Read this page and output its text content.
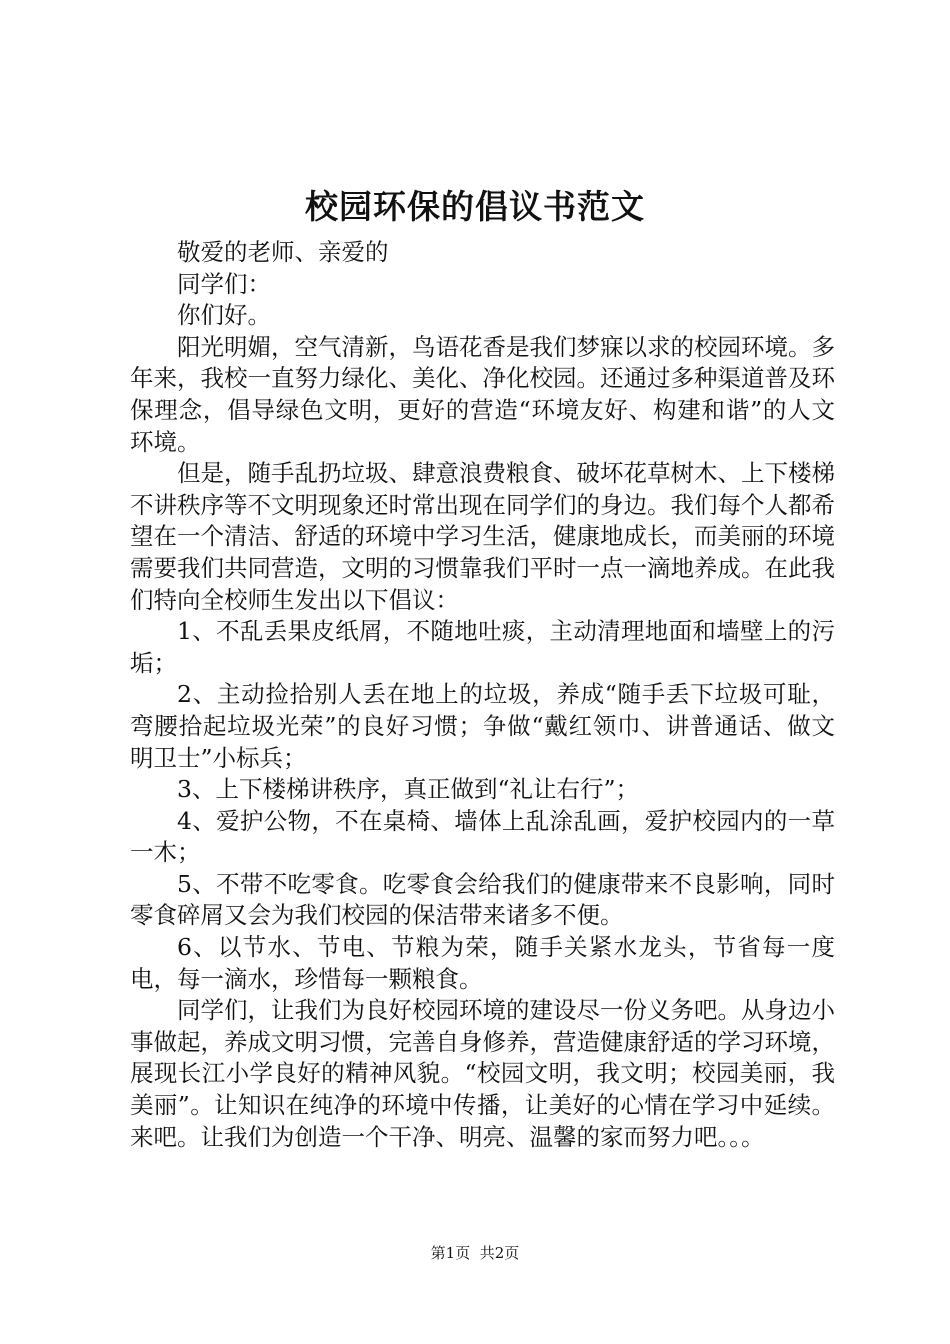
校园环保的倡议书范文

敬爱的老师、亲爱的

同学们：

你们好。

阳光明媚，空气清新，鸟语花香是我们梦寐以求的校园环境。多年来，我校一直努力绿化、美化、净化校园。还通过多种渠道普及环保理念，倡导绿色文明，更好的营造“环境友好、构建和谐”的人文环境。

但是，随手乱扔垃圾、肆意浪费粮食、破坏花草树木、上下楼梯不讲秩序等不文明现象还时常出现在同学们的身边。我们每个人都希望在一个清洁、舒适的环境中学习生活，健康地成长，而美丽的环境需要我们共同营造，文明的习惯靠我们平时一点一滴地养成。在此我们特向全校师生发出以下倡议：

1、不乱丢果皮纸屑，不随地吐痰，主动清理地面和墙壁上的污垢；

2、主动捡拾别人丢在地上的垃圾，养成“随手丢下垃圾可耻，弯腰拾起垃圾光荣”的良好习惯；争做“戴红领巾、讲普通话、做文明卫士”小标兵；

3、上下楼梯讲秩序，真正做到“礼让右行”；

4、爱护公物，不在桌椅、墙体上乱涂乱画，爱护校园内的一草一木；

5、不带不吃零食。吃零食会给我们的健康带来不良影响，同时零食碎屑又会为我们校园的保洁带来诸多不便。

6、以节水、节电、节粮为荣，随手关紧水龙头，节省每一度电，每一滴水，珍惜每一颗粮食。

同学们，让我们为良好校园环境的建设尽一份义务吧。从身边小事做起，养成文明习惯，完善自身修养，营造健康舒适的学习环境，展现长江小学良好的精神风貌。“校园文明，我文明；校园美丽，我美丽”。让知识在纯净的环境中传播，让美好的心情在学习中延续。来吧。让我们为创造一个干净、明亮、温馨的家而努力吧。。。

第1页 共2页
